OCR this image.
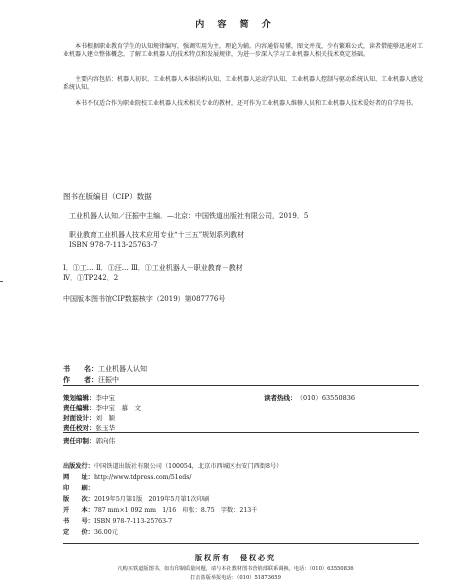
内 容 简 介
本书根据职业教育学生的认知规律编写，强调实用为主，理论为辅。内容通俗易懂，图文并茂，少有繁难公式，读者借能够迅速对工业机器人建立整体概念，了解工业机器人的技术特点和发展规律，为进一步深入学习工业机器人相关技术奠定基础。
主要内容包括：机器人初识、工业机器人本体结构认知、工业机器人运动学认知、工业机器人控制与驱动系统认知、工业机器人感觉系统认知。
本书不仅适合作为职业院校工业机器人技术相关专业的教材，还可作为工业机器人维修人员和工业机器人技术爱好者的自学用书。
图书在版编目（CIP）数据
工业机器人认知／汪振中主编．—北京：中国铁道出版社有限公司，2019．5
职业教育工业机器人技术应用专业“十三五”规划系列教材
ISBN 978-7-113-25763-7
Ⅰ．①工… Ⅱ．①汪… Ⅲ．①工业机器人－职业教育－教材
Ⅳ．①TP242．2
中国版本图书馆CIP数据核字（2019）第087776号
书　　名：工业机器人认知
作　　者：汪振中
策划编辑：李中宝	读者热线：（010）63550836
责任编辑：李中宝　慕　文
封面设计：刘　颖
责任校对：张玉华
责任印制：郭向伟
出版发行：中国铁道出版社有限公司（100054，北京市西城区右安门西街8号）
网　　址：http://www.tdpress.com/51eds/
印　　刷：
版　　次：2019年5月第1版　2019年5月第1次印刷
开　　本：787 mm×1 092 mm　1/16　印张：8.75　字数：213千
书　　号：ISBN 978-7-113-25763-7
定　　价：36.00元
版权所有　侵权必究
凡购买铁道版图书，如有印制质量问题，请与本社教材图书营销部联系调换。电话：（010）63550836
打击盗版举报电话：（010）51873659
